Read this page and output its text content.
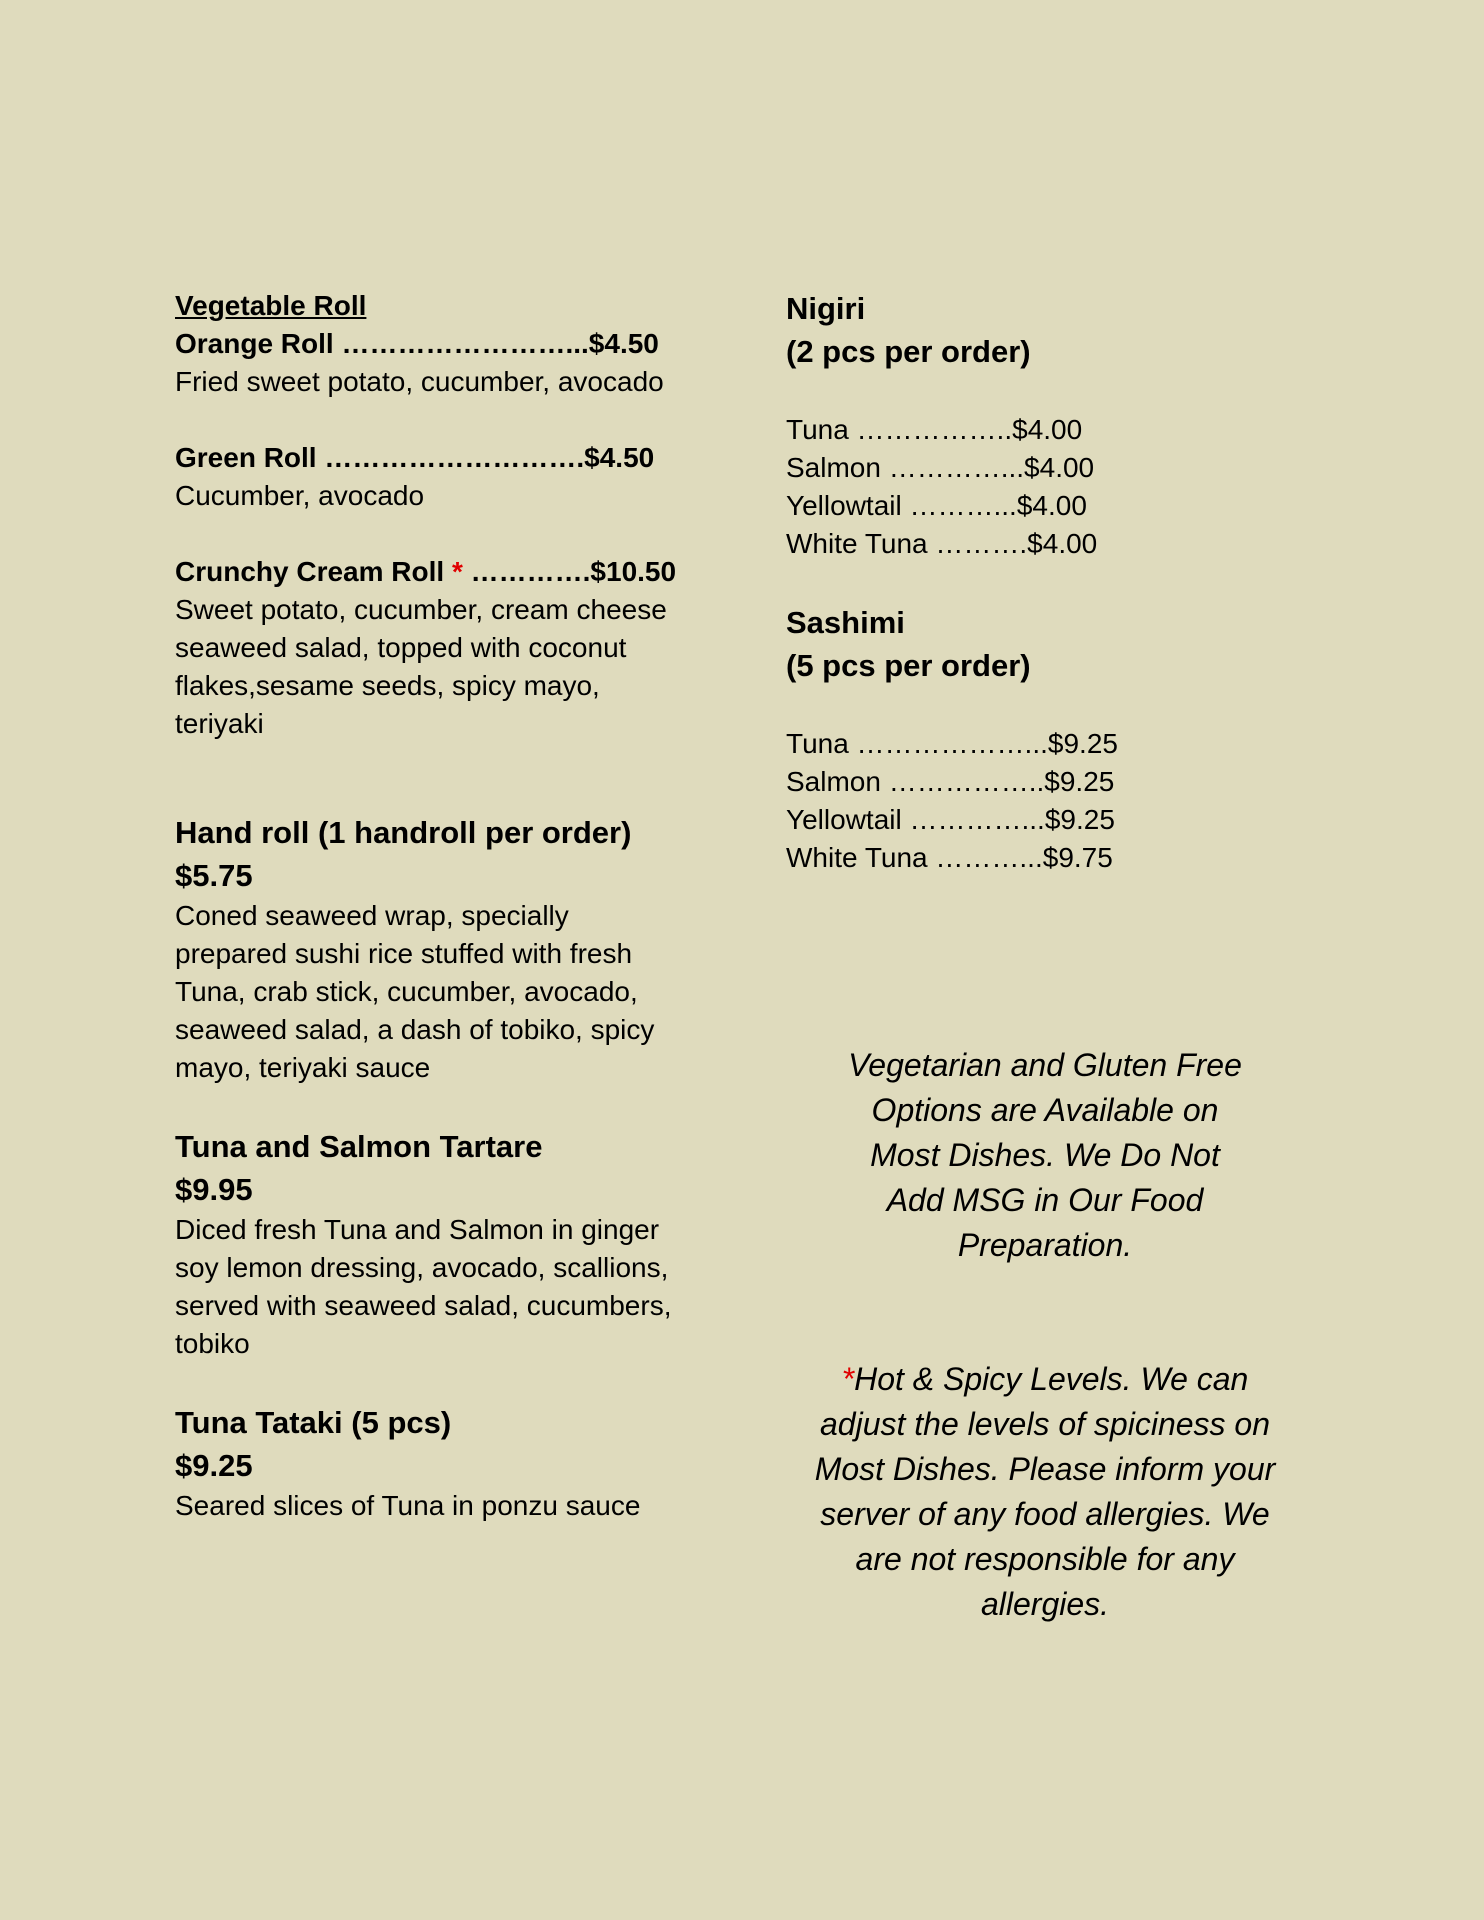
Vegetable Roll
Orange Roll ……………………...$4.50
Fried sweet potato, cucumber, avocado
Green Roll ……………………….$4.50
Cucumber, avocado
Crunchy Cream Roll * ………….$10.50
Sweet potato, cucumber, cream cheese
seaweed salad, topped with coconut
flakes,sesame seeds, spicy mayo,
teriyaki
Hand roll (1 handroll per order)
$5.75
Coned seaweed wrap, specially
prepared sushi rice stuffed with fresh
Tuna, crab stick, cucumber, avocado,
seaweed salad, a dash of tobiko, spicy
mayo, teriyaki sauce
Tuna and Salmon Tartare
$9.95
Diced fresh Tuna and Salmon in ginger
soy lemon dressing, avocado, scallions,
served with seaweed salad, cucumbers,
tobiko
Tuna Tataki (5 pcs)
$9.25
Seared slices of Tuna in ponzu sauce
Nigiri
(2 pcs per order)
Tuna ……………..$4.00
Salmon …………...$4.00
Yellowtail ………...$4.00
White Tuna ……….$4.00
Sashimi
(5 pcs per order)
Tuna ………………...$9.25
Salmon ……………..$9.25
Yellowtail …………...$9.25
White Tuna ………...$9.75
Vegetarian and Gluten Free
Options are Available on
Most Dishes. We Do Not
Add MSG in Our Food
Preparation.
*Hot & Spicy Levels. We can
adjust the levels of spiciness on
Most Dishes. Please inform your
server of any food allergies. We
are not responsible for any
allergies.
